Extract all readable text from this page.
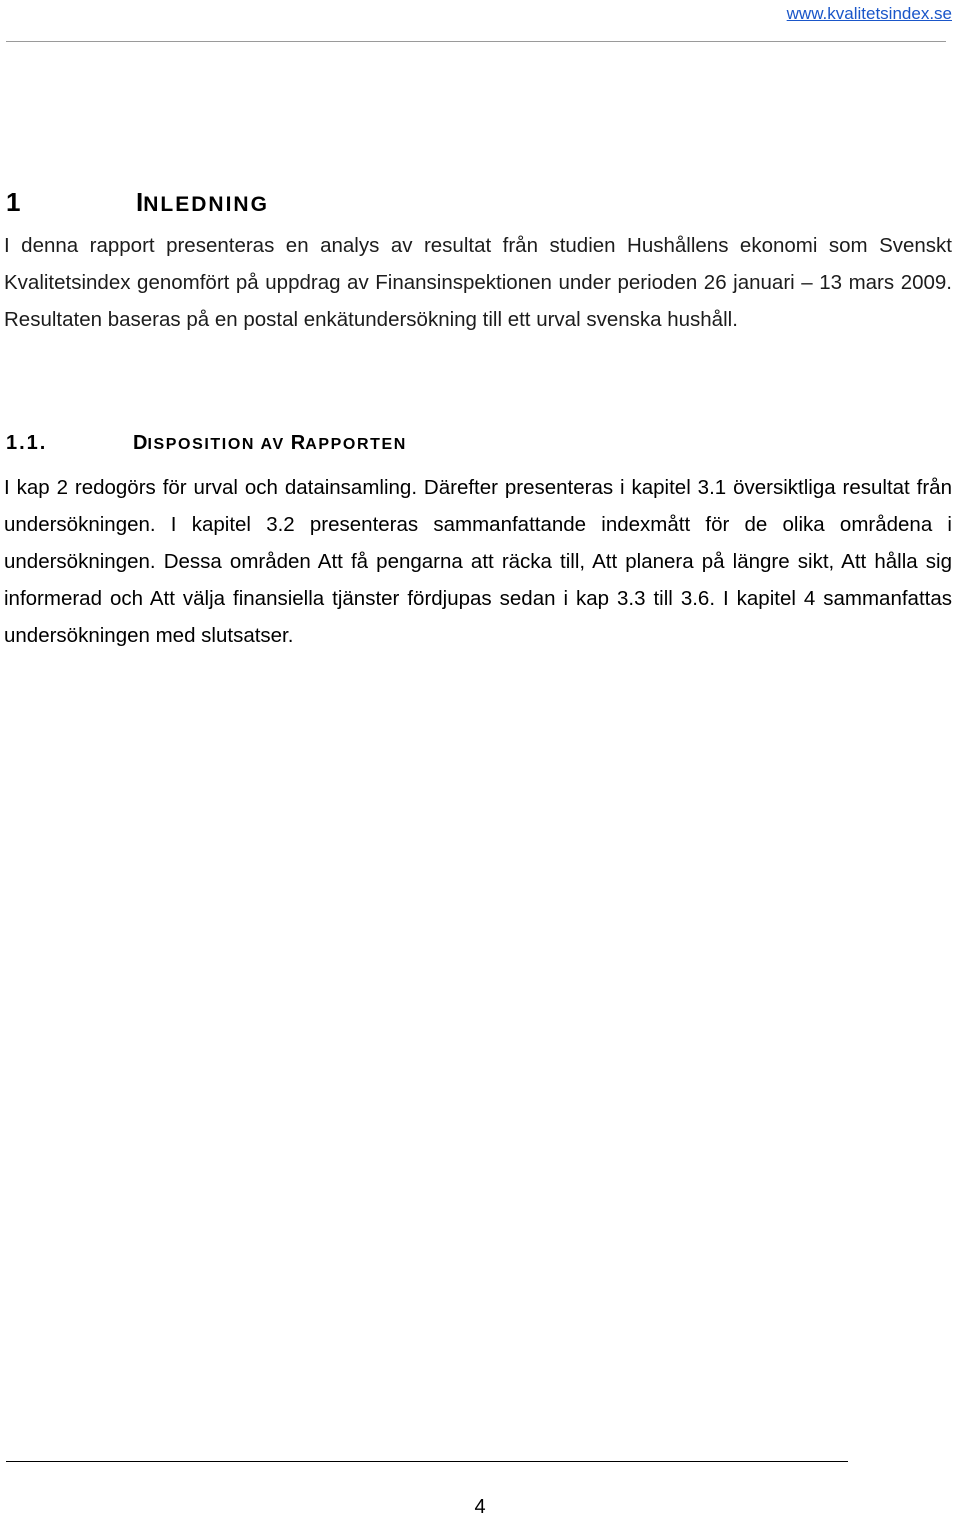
www.kvalitetsindex.se
1	INLEDNING

I denna rapport presenteras en analys av resultat från studien Hushållens ekonomi som Svenskt Kvalitetsindex genomfört på uppdrag av Finansinspektionen under perioden 26 januari – 13 mars 2009. Resultaten baseras på en postal enkätundersökning till ett urval svenska hushåll.

1.1.	DISPOSITION AV RAPPORTEN

I kap 2 redogörs för urval och datainsamling. Därefter presenteras i kapitel 3.1 översiktliga resultat från undersökningen. I kapitel 3.2 presenteras sammanfattande indexmått för de olika områdena i undersökningen. Dessa områden Att få pengarna att räcka till, Att planera på längre sikt, Att hålla sig informerad och Att välja finansiella tjänster fördjupas sedan i kap 3.3 till 3.6. I kapitel 4 sammanfattas undersökningen med slutsatser.

4
